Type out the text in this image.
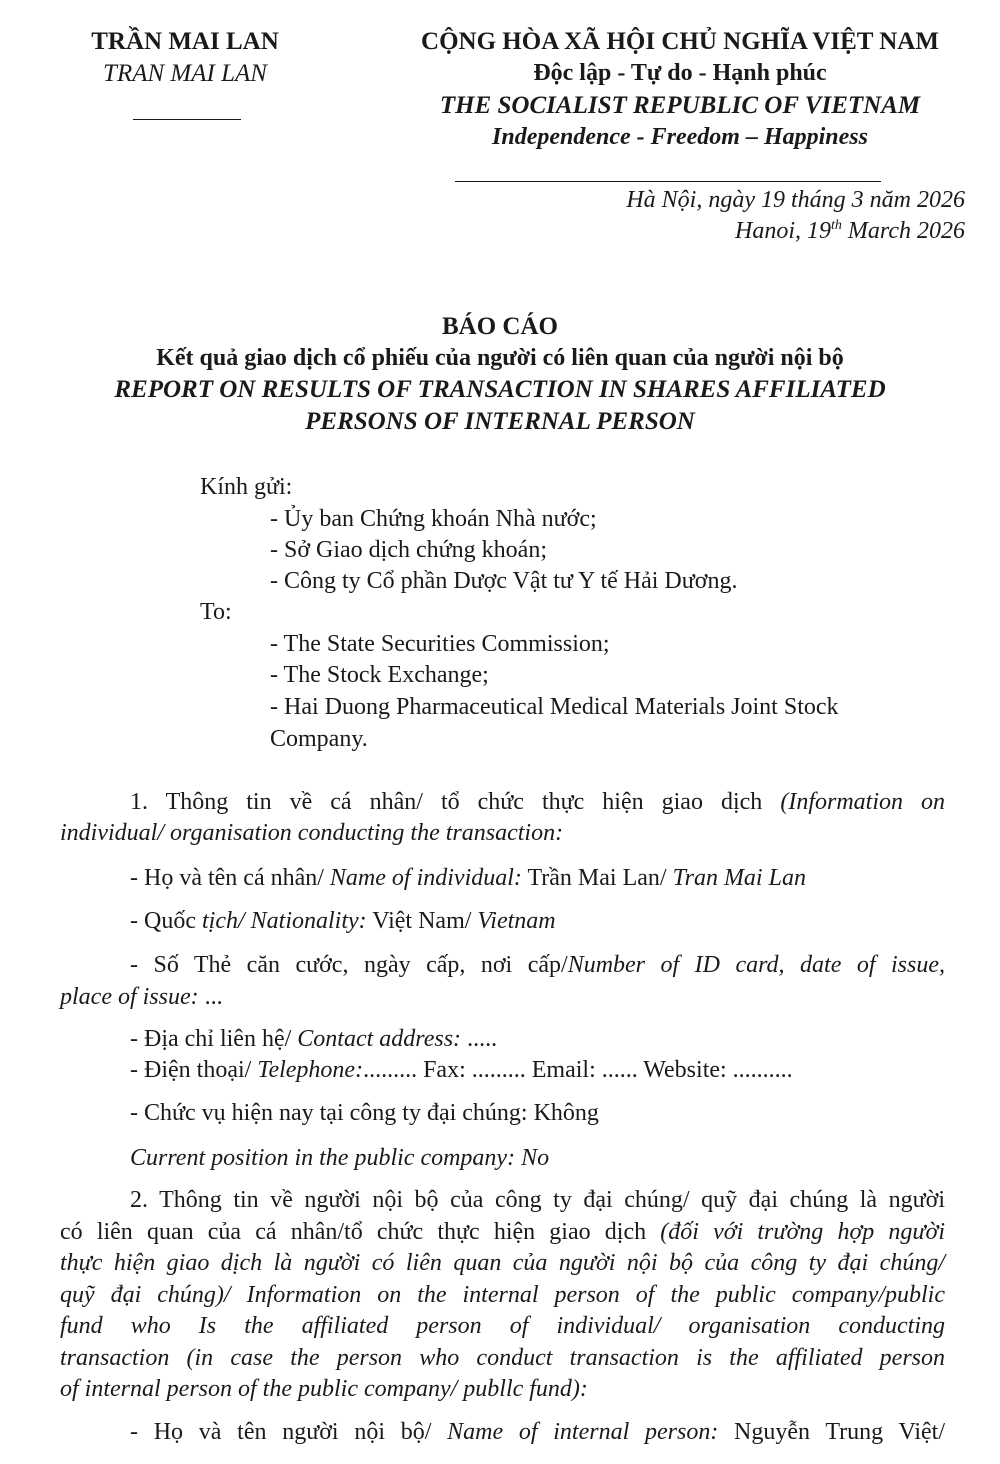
TRẦN MAI LAN
TRAN MAI LAN
CỘNG HÒA XÃ HỘI CHỦ NGHĨA VIỆT NAM
Độc lập - Tự do - Hạnh phúc
THE SOCIALIST REPUBLIC OF VIETNAM
Independence - Freedom – Happiness
Hà Nội, ngày 19 tháng 3 năm 2026
Hanoi, 19th March 2026
BÁO CÁO
Kết quả giao dịch cổ phiếu của người có liên quan của người nội bộ
REPORT ON RESULTS OF TRANSACTION IN SHARES AFFILIATED
PERSONS OF INTERNAL PERSON
Kính gửi:
- Ủy ban Chứng khoán Nhà nước;
- Sở Giao dịch chứng khoán;
- Công ty Cổ phần Dược Vật tư Y tế Hải Dương.
To:
- The State Securities Commission;
- The Stock Exchange;
- Hai Duong Pharmaceutical Medical Materials Joint Stock
Company.
1. Thông tin về cá nhân/ tổ chức thực hiện giao dịch (Information on
individual/ organisation conducting the transaction:
- Họ và tên cá nhân/ Name of individual: Trần Mai Lan/ Tran Mai Lan
- Quốc tịch/ Nationality: Việt Nam/ Vietnam
- Số Thẻ căn cước, ngày cấp, nơi cấp/Number of ID card, date of issue,
place of issue: ...
- Địa chỉ liên hệ/ Contact address: .....
- Điện thoại/ Telephone:......... Fax: ......... Email: ...... Website: ..........
- Chức vụ hiện nay tại công ty đại chúng: Không
Current position in the public company: No
2. Thông tin về người nội bộ của công ty đại chúng/ quỹ đại chúng là người
có liên quan của cá nhân/tổ chức thực hiện giao dịch (đối với trường hợp người
thực hiện giao dịch là người có liên quan của người nội bộ của công ty đại chúng/
quỹ đại chúng)/ Information on the internal person of the public company/public
fund who Is the affiliated person of individual/ organisation conducting
transaction (in case the person who conduct transaction is the affiliated person
of internal person of the public company/ publlc fund):
- Họ và tên người nội bộ/ Name of internal person: Nguyễn Trung Việt/
